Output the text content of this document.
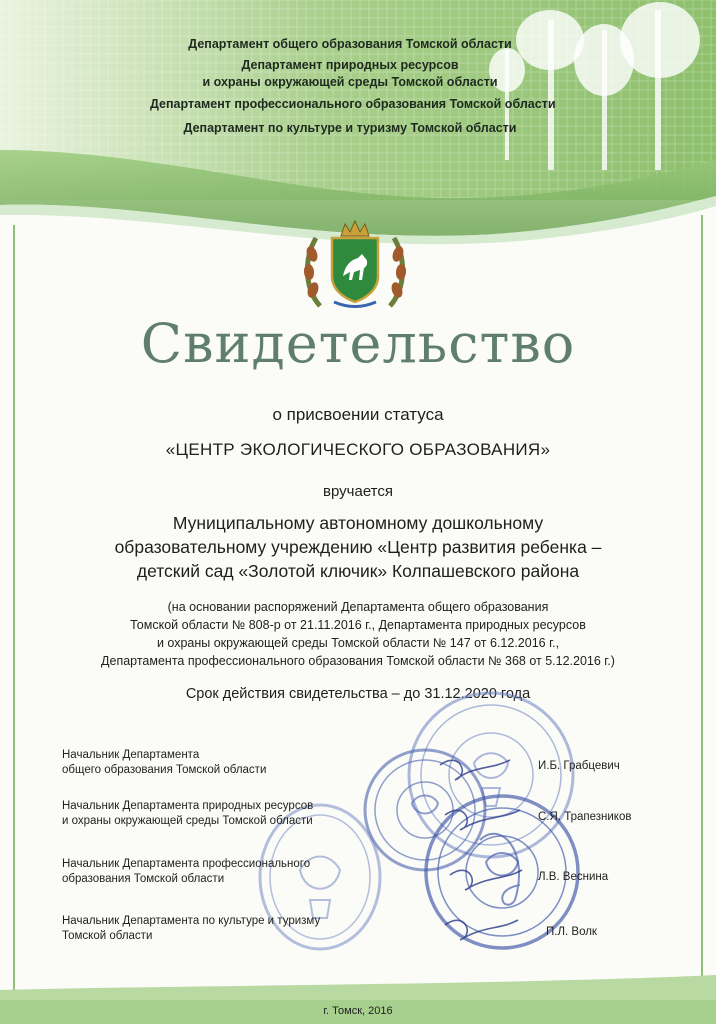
Департамент общего образования Томской области
Департамент природных ресурсов
и охраны окружающей среды Томской области
Департамент профессионального образования Томской области
Департамент по культуре и туризму Томской области
Свидетельство
о присвоении статуса
«ЦЕНТР ЭКОЛОГИЧЕСКОГО ОБРАЗОВАНИЯ»
вручается
Муниципальному автономному дошкольному
образовательному учреждению «Центр развития ребенка –
детский сад «Золотой ключик» Колпашевского района
(на основании распоряжений Департамента общего образования
Томской области № 808-р от 21.11.2016 г., Департамента природных ресурсов
и охраны окружающей среды Томской области № 147 от 6.12.2016 г.,
Департамента профессионального образования Томской области № 368 от 5.12.2016 г.)
Срок действия свидетельства – до 31.12.2020 года
Начальник Департамента
общего образования Томской области	И.Б. Грабцевич
Начальник Департамента природных ресурсов
и охраны окружающей среды Томской области	С.Я. Трапезников
Начальник Департамента профессионального
образования Томской области	Л.В. Веснина
Начальник Департамента по культуре и туризму
Томской области	П.Л. Волк
г. Томск, 2016
